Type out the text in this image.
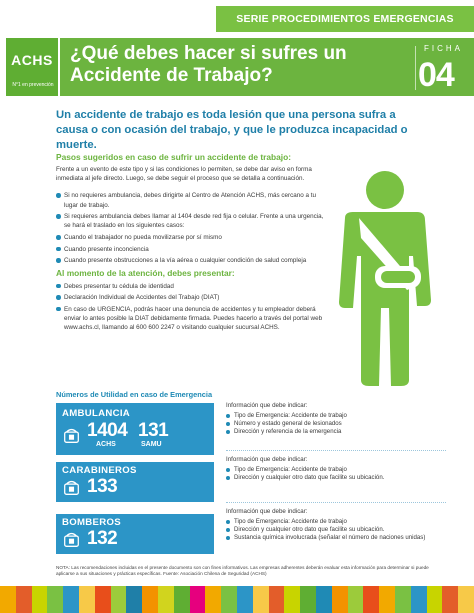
SERIE PROCEDIMIENTOS EMERGENCIAS
ACHS
N°1 en prevención
¿Qué debes hacer si sufres un Accidente de Trabajo?
FICHA
04
Un accidente de trabajo es toda lesión que una persona sufra a causa o con ocasión del trabajo, y que le produzca incapacidad o muerte.
Pasos sugeridos en caso de sufrir un accidente de trabajo:
Frente a un evento de este tipo y si las condiciones lo permiten, se debe dar aviso en forma inmediata al jefe directo. Luego, se debe seguir el proceso que se detalla a continuación.
Si no requieres ambulancia, debes dirigirte al Centro de Atención ACHS, más cercano a tu lugar de trabajo.
Si requieres ambulancia debes llamar al 1404 desde red fija o celular. Frente a una urgencia, se hará el traslado en los siguientes casos:
Cuando el trabajador no pueda movilizarse por sí mismo
Cuando presente inconciencia
Cuando presente obstrucciones a la vía aérea o cualquier condición de salud compleja
Al momento de la atención, debes presentar:
Debes presentar tu cédula de identidad
Declaración Individual de Accidentes del Trabajo (DIAT)
En caso de URGENCIA, podrás hacer una denuncia de accidentes y tu empleador deberá enviar lo antes posible la DIAT debidamente firmada. Puedes hacerlo a través del portal web www.achs.cl, llamando al 600 600 2247 o visitando cualquier sucursal ACHS.
Números de Utilidad en caso de Emergencia
AMBULANCIA
1404
ACHS
131
SAMU
CARABINEROS
133
BOMBEROS
132
Información que debe indicar:
Tipo de Emergencia: Accidente de trabajo
Número y estado general de lesionados
Dirección y referencia de la emergencia
Información que debe indicar:
Tipo de Emergencia: Accidente de trabajo
Dirección y cualquier otro dato que facilite su ubicación.
Información que debe indicar:
Tipo de Emergencia: Accidente de trabajo
Dirección y cualquier otro dato que facilite su ubicación.
Sustancia química involucrada (señalar el número de naciones unidas)
NOTA: Las recomendaciones incluidas en el presente documento son con fines informativos. Las empresas adherentes deberán evaluar esta información para determinar si puede aplicarse a sus situaciones y prácticas específicas. Fuente: Asociación Chilena de Seguridad (ACHS)
